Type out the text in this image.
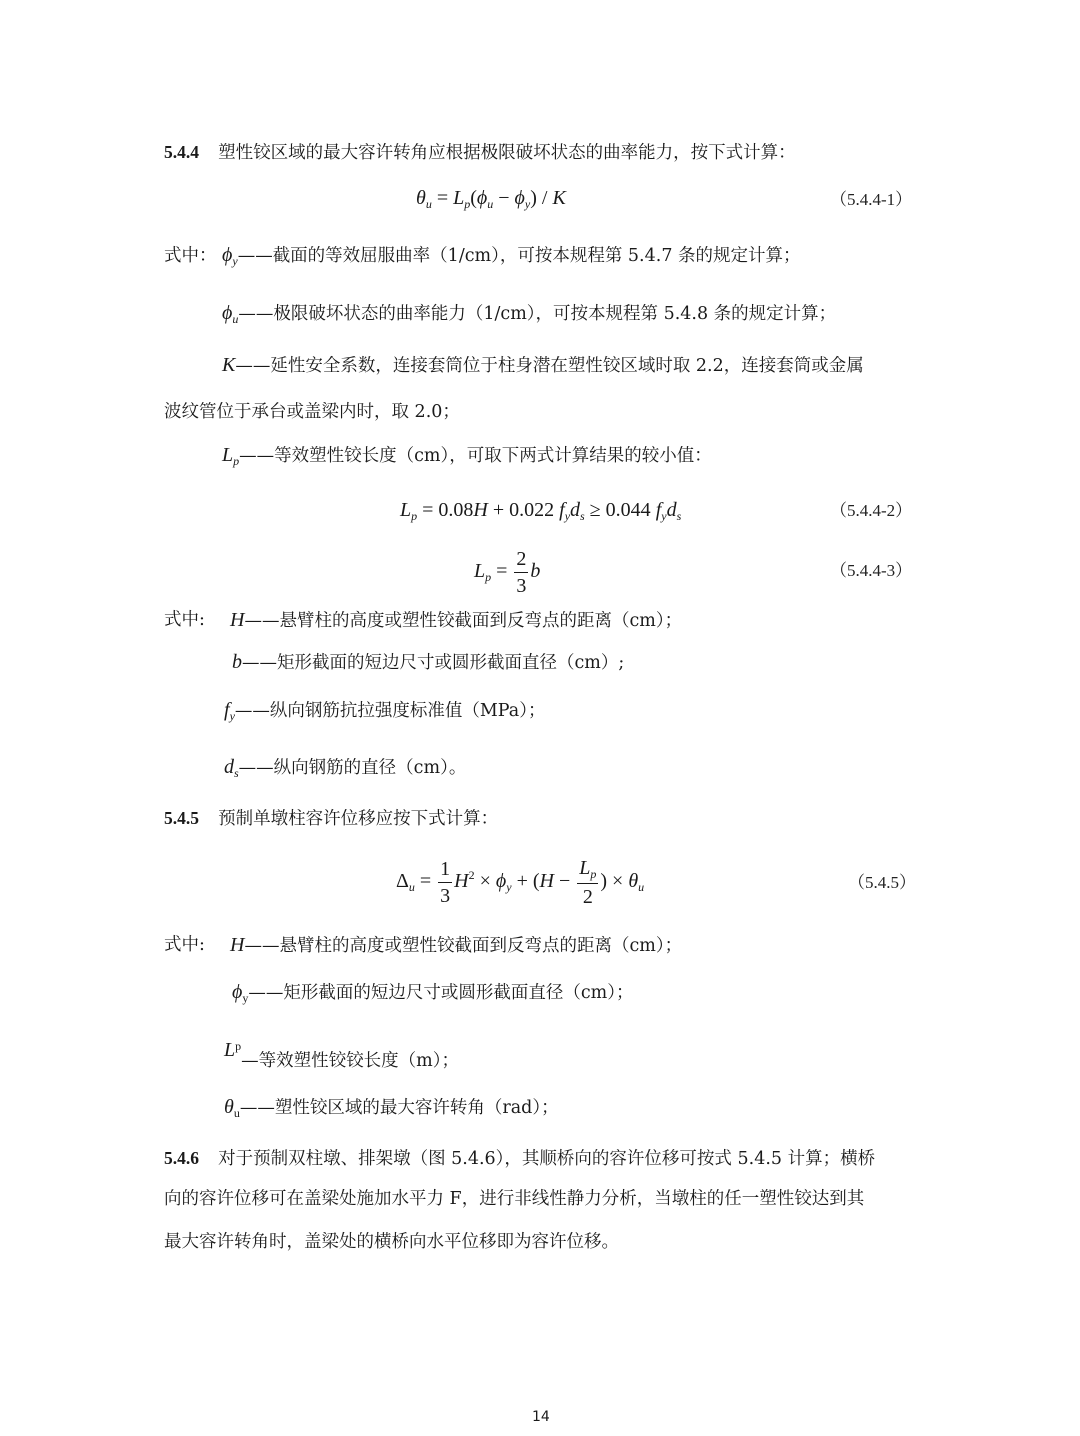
5.4.4 塑性铰区域的最大容许转角应根据极限破坏状态的曲率能力，按下式计算：
$\theta_u = L_p(\phi_u - \phi_y) / K$	（5.4.4-1）
式中： $\phi_y——$截面的等效屈服曲率（1/cm），可按本规程第 5.4.7 条的规定计算；
$\phi_u——$极限破坏状态的曲率能力（1/cm），可按本规程第 5.4.8 条的规定计算；
K——延性安全系数，连接套筒位于柱身潜在塑性铰区域时取 2.2，连接套筒或金属
波纹管位于承台或盖梁内时，取 2.0；
$L_p——$等效塑性铰长度（cm），可取下两式计算结果的较小值：
$L_p = 0.08H + 0.022$ $f_yd_s \ge 0.044$ $f_yd_s$	（5.4.4-2）
$L_p = \frac{2}{3}$ b	（5.4.4-3）
式中: H——悬臂柱的高度或塑性铰截面到反弯点的距离（cm）；
b——矩形截面的短边尺寸或圆形截面直径（cm）;
$f_y——$纵向钢筋抗拉强度标准值（MPa）；
$d_s——$纵向钢筋的直径（cm）。
5.4.5 预制单墩柱容许位移应按下式计算：
$\Delta_u = \frac{1}{3} H^2 \times \phi_y + (H - \frac{L_p}{2}$ ) × $\theta_u$	（5.4.5）
式中: H——悬臂柱的高度或塑性铰截面到反弯点的距离（cm）；
$\phi_y——$矩形截面的短边尺寸或圆形截面直径（cm）；
$L^p—$等效塑性铰铰长度（m）；
$\theta_u——$塑性铰区域的最大容许转角（rad）；
5.4.6 对于预制双柱墩、排架墩（图 5.4.6），其顺桥向的容许位移可按式 5.4.5 计算；横桥
向的容许位移可在盖梁处施加水平力 F，进行非线性静力分析，当墩柱的任一塑性铰达到其
最大容许转角时，盖梁处的横桥向水平位移即为容许位移。
14
